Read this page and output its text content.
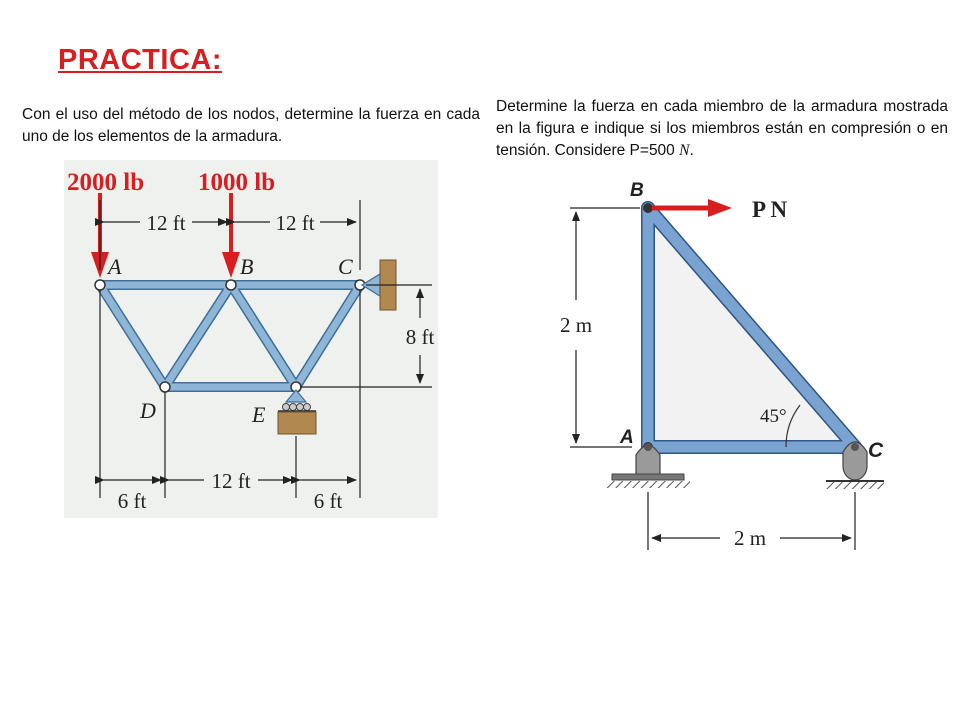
PRACTICA:
Con el uso del método de los nodos, determine la fuerza en cada uno de los elementos de la armadura.
Determine la fuerza en cada miembro de la armadura mostrada en la figura e indique si los miembros están en compresión o en tensión. Considere P=500 N.
2000 lb 1000 lb
12 ft	12 ft
8 ft
6 ft
12 ft
6 ft
A	B	C
D	E	45°
P N
2 m
2 m
B
A
C
